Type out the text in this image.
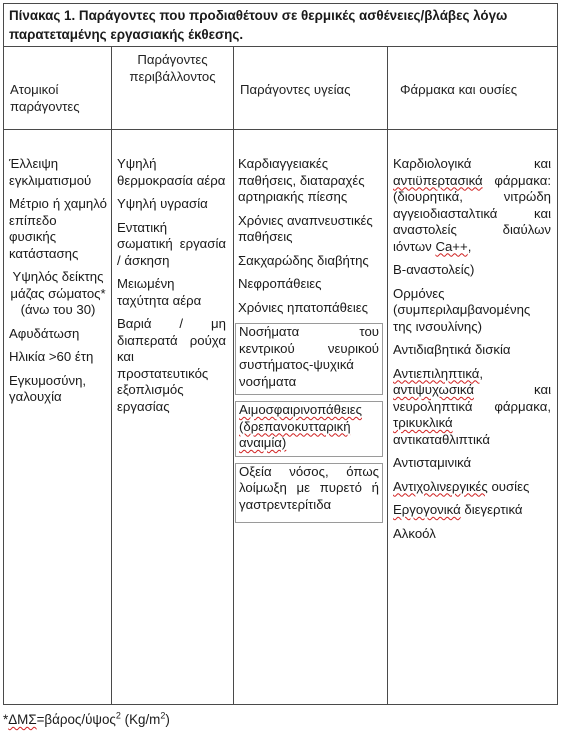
Πίνακας 1. Παράγοντες που προδιαθέτουν σε θερμικές ασθένειες/βλάβες λόγω παρατεταμένης εργασιακής έκθεσης.
Ατομικοί παράγοντες
Παράγοντες περιβάλλοντος
Παράγοντες υγείας	Φάρμακα και ουσίες

Έλλειψη εγκλιματισμού

Μέτριο ή χαμηλό επίπεδο φυσικής κατάστασης

Υψηλός δείκτης μάζας σώματος* (άνω του 30)

Αφυδάτωση

Ηλικία >60 έτη

Εγκυμοσύνη, γαλουχία

Υψηλή θερμοκρασία αέρα

Υψηλή υγρασία

Εντατική σωματική εργασία / άσκηση

Μειωμένη ταχύτητα αέρα

Βαριά / μη διαπερατά ρούχα και προστατευτικός εξοπλισμός εργασίας

Καρδιαγγειακές παθήσεις, διαταραχές αρτηριακής πίεσης

Χρόνιες αναπνευστικές παθήσεις

Σακχαρώδης διαβήτης

Νεφροπάθειες

Χρόνιες ηπατοπάθειες

Νοσήματα του κεντρικού νευρικού συστήματος-ψυχικά νοσήματα
Αιμοσφαιρινοπάθειες (δρεπανοκυτταρική αναιμία)
Οξεία νόσος, όπως λοίμωξη με πυρετό ή γαστρεντερίτιδα

Καρδιολογικά και αντιϋπερτασικά φάρμακα: (διουρητικά, νιτρώδη αγγειοδιασταλτικά και αναστολείς διαύλων ιόντων Ca++,

Β-αναστολείς)

Ορμόνες (συμπεριλαμβανομένης της ινσουλίνης)

Αντιδιαβητικά δισκία

Αντιεπιληπτικά, αντιψυχωσικά και νευροληπτικά φάρμακα, τρικυκλικά αντικαταθλιπτικά

Αντισταμινικά

Αντιχολινεργικές ουσίες

Εργογονικά διεγερτικά

Αλκοόλ

*ΔΜΣ=βάρος/ύψος$^2$ $(Kg/m^2)$
